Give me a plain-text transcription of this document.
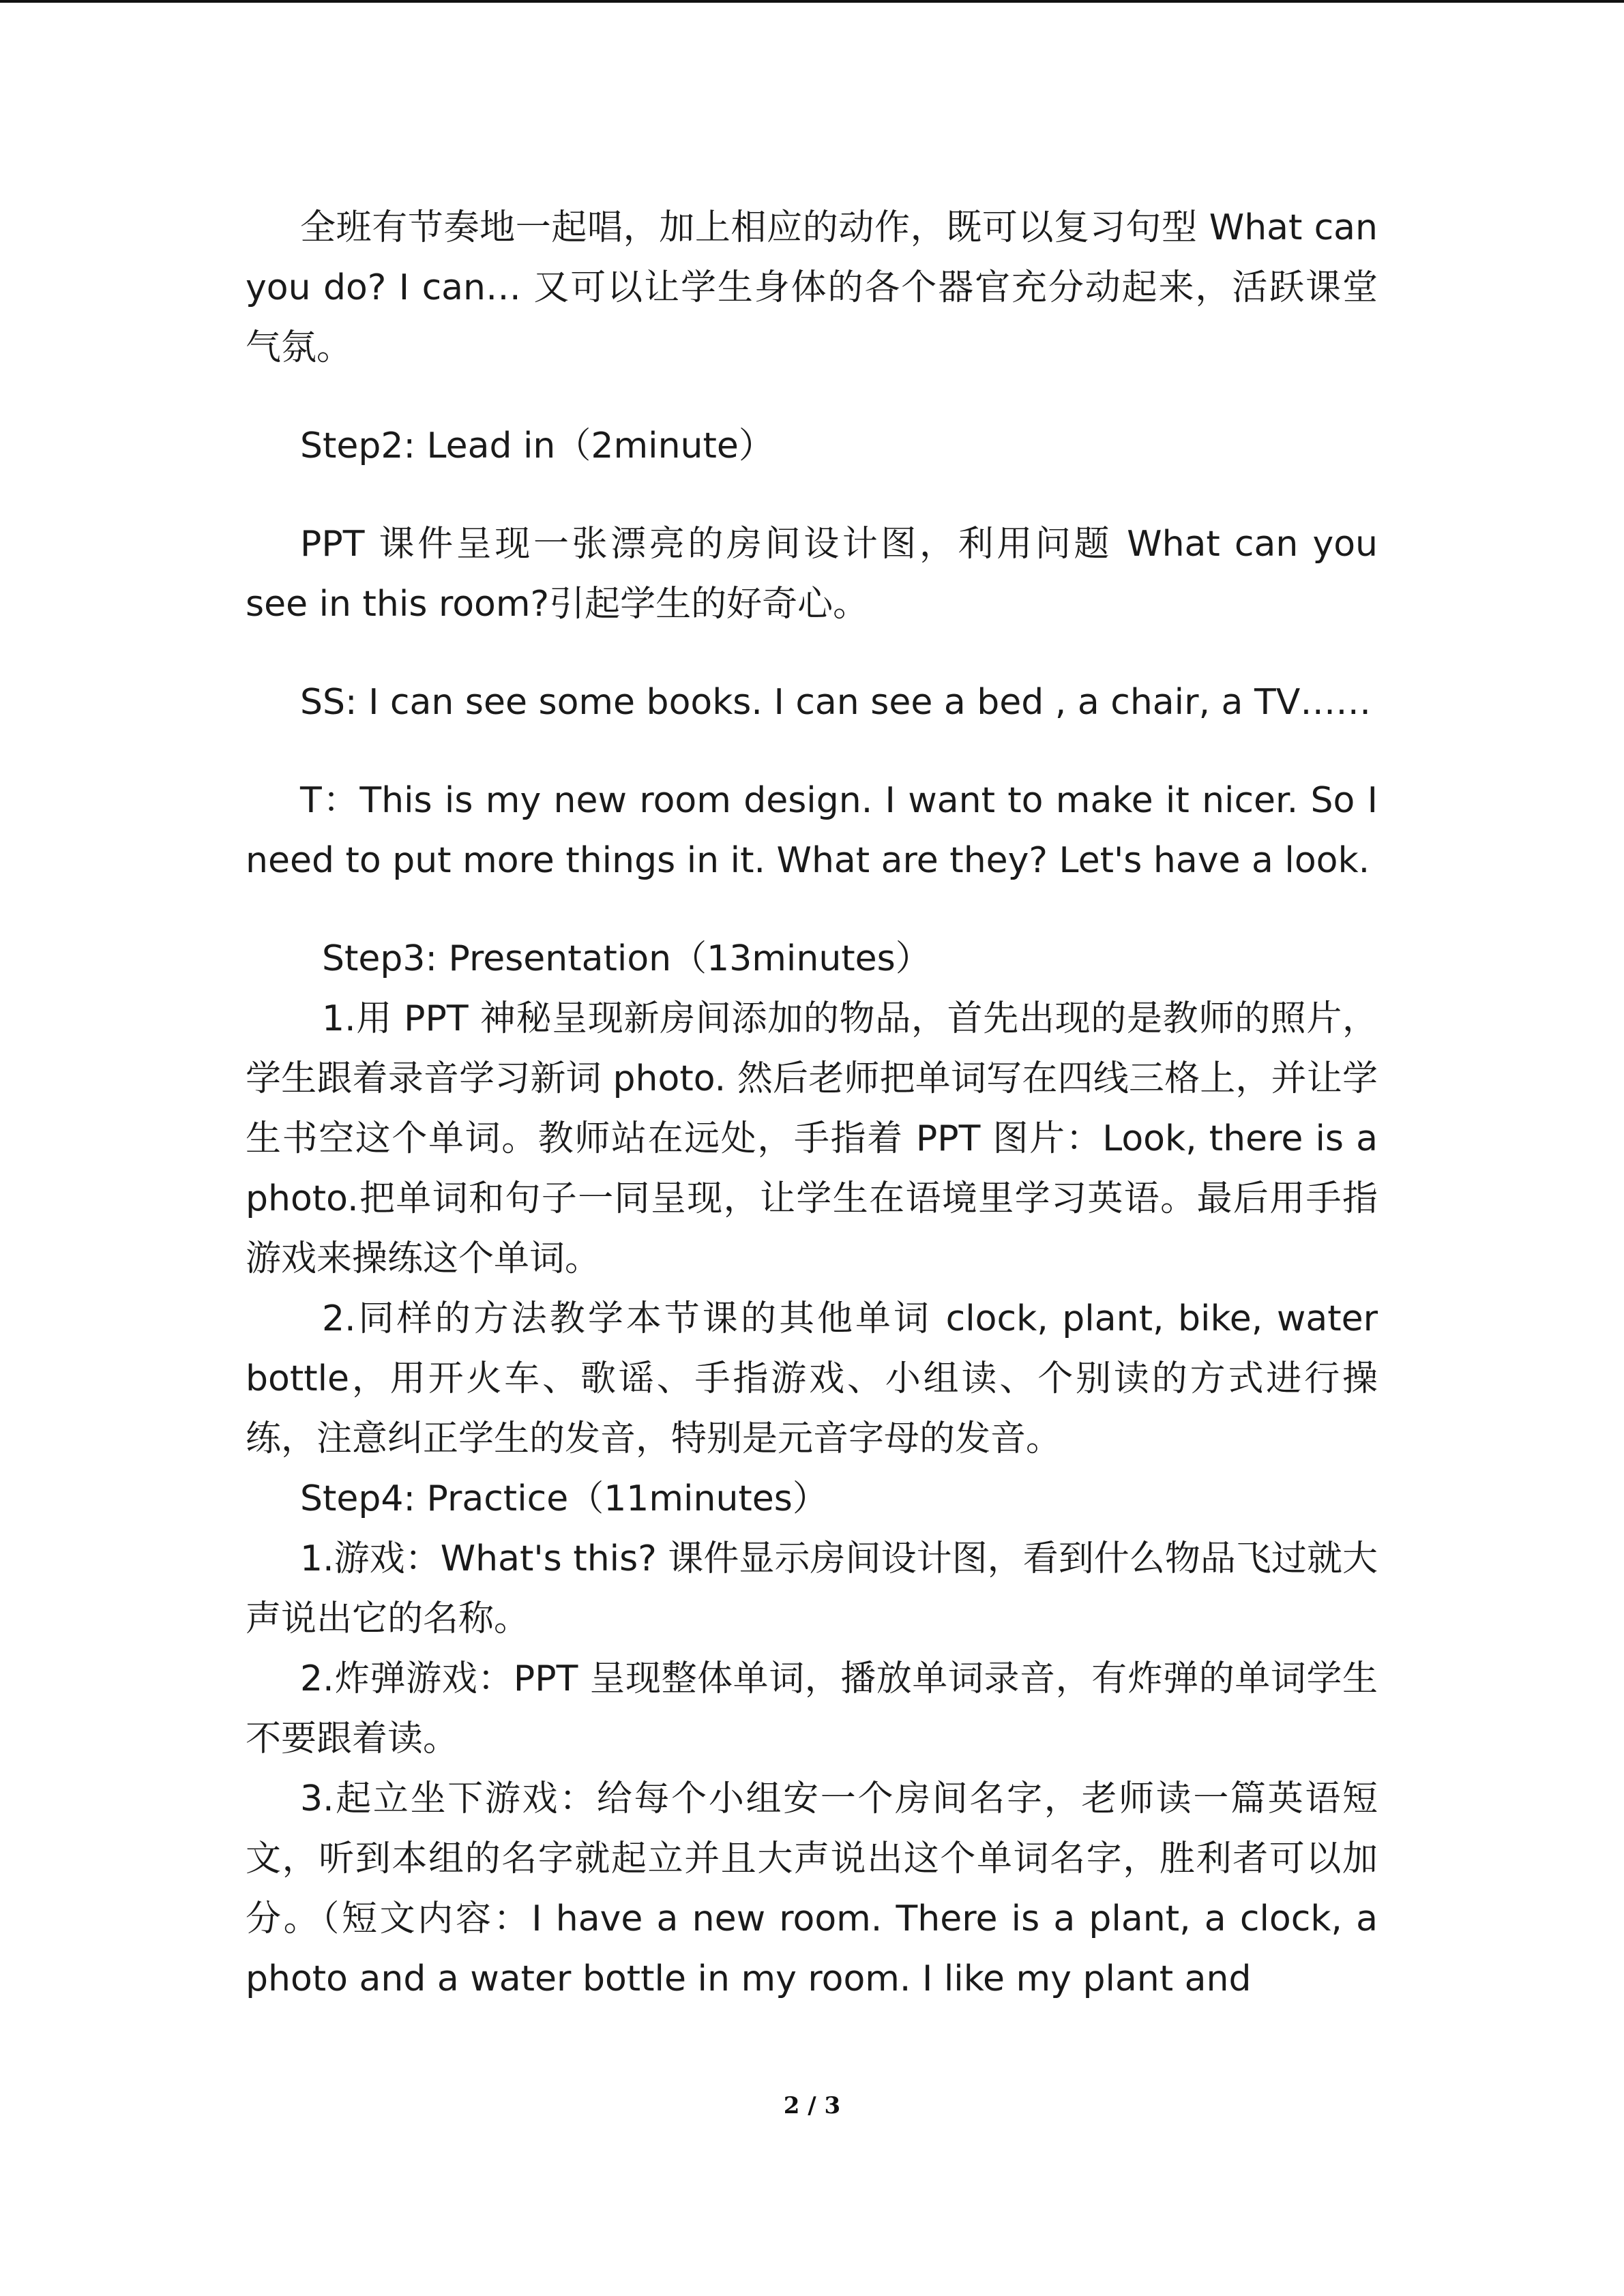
全班有节奏地一起唱，加上相应的动作，既可以复习句型 What can you do? I can… 又可以让学生身体的各个器官充分动起来，活跃课堂气氛。

Step2: Lead in（2minute）

PPT 课件呈现一张漂亮的房间设计图，利用问题 What can you see in this room?引起学生的好奇心。

SS: I can see some books. I can see a bed , a chair, a TV……

T：This is my new room design. I want to make it nicer. So I need to put more things in it. What are they? Let's have a look.

Step3: Presentation（13minutes）

1.用 PPT 神秘呈现新房间添加的物品，首先出现的是教师的照片，学生跟着录音学习新词 photo. 然后老师把单词写在四线三格上，并让学生书空这个单词。教师站在远处，手指着 PPT 图片：Look, there is a photo.把单词和句子一同呈现，让学生在语境里学习英语。最后用手指游戏来操练这个单词。

2.同样的方法教学本节课的其他单词 clock, plant, bike, water bottle，用开火车、歌谣、手指游戏、小组读、个别读的方式进行操练，注意纠正学生的发音，特别是元音字母的发音。

Step4: Practice（11minutes）

1.游戏：What's this? 课件显示房间设计图，看到什么物品飞过就大声说出它的名称。

2.炸弹游戏：PPT 呈现整体单词，播放单词录音，有炸弹的单词学生不要跟着读。

3.起立坐下游戏：给每个小组安一个房间名字，老师读一篇英语短文，听到本组的名字就起立并且大声说出这个单词名字，胜利者可以加分。（短文内容：I have a new room. There is a plant, a clock, a photo and a water bottle in my room. I like my plant and

2 / 3
